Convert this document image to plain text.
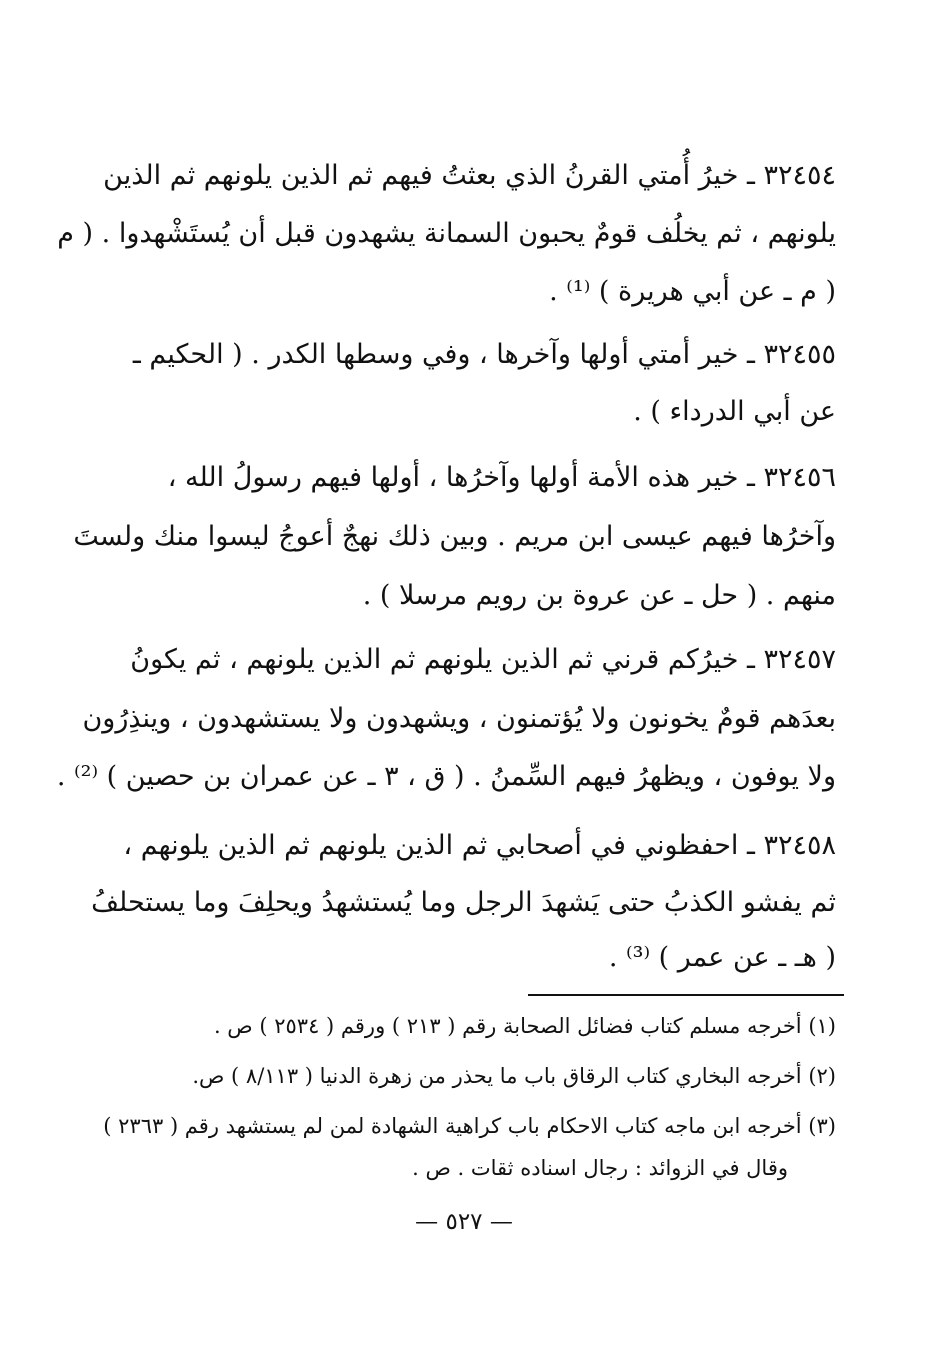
٣٢٤٥٤ ـ خيرُ أُمتي القرنُ الذي بعثتُ فيهم ثم الذين يلونهم ثم الذين
يلونهم ، ثم يخلُف قومٌ يحبون السمانة يشهدون قبل أن يُستَشْهدوا . ( م
( م ـ عن أبي هريرة ) ⁽¹⁾ .
٣٢٤٥٥ ـ خير أمتي أولها وآخرها ، وفي وسطها الكدر . ( الحكيم ـ
عن أبي الدرداء ) .
٣٢٤٥٦ ـ خير هذه الأمة أولها وآخرُها ، أولها فيهم رسولُ الله ،
وآخرُها فيهم عيسى ابن مريم . وبين ذلك نهجٌ أعوجُ ليسوا منك ولستَ
منهم . ( حل ـ عن عروة بن رويم مرسلا ) .
٣٢٤٥٧ ـ خيرُكم قرني ثم الذين يلونهم ثم الذين يلونهم ، ثم يكونُ
بعدَهم قومٌ يخونون ولا يُؤتمنون ، ويشهدون ولا يستشهدون ، وينذِرُون
ولا يوفون ، ويظهرُ فيهم السِّمنُ . ( ق ، ٣ ـ عن عمران بن حصين ) ⁽²⁾ .
٣٢٤٥٨ ـ احفظوني في أصحابي ثم الذين يلونهم ثم الذين يلونهم ،
ثم يفشو الكذبُ حتى يَشهدَ الرجل وما يُستشهدُ ويحلِفَ وما يستحلفُ
( هـ ـ عن عمر ) ⁽³⁾ .
(١) أخرجه مسلم كتاب فضائل الصحابة رقم ( ٢١٣ ) ورقم ( ٢٥٣٤ ) ص .
(٢) أخرجه البخاري كتاب الرقاق باب ما يحذر من زهرة الدنيا ( ٨/١١٣ ) ص.
(٣) أخرجه ابن ماجه كتاب الاحكام باب كراهية الشهادة لمن لم يستشهد رقم ( ٢٣٦٣ )
وقال في الزوائد : رجال اسناده ثقات . ص .
— ٥٢٧ —
